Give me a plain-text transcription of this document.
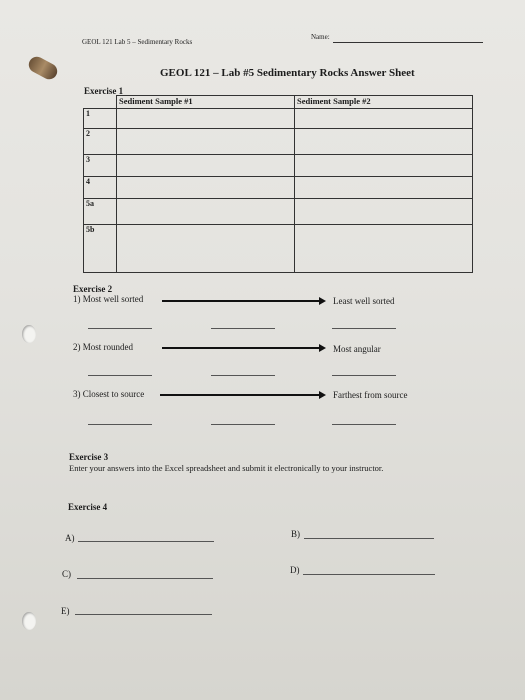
GEOL 121 Lab 5 – Sedimentary Rocks
Name:
GEOL 121 – Lab #5 Sedimentary Rocks Answer Sheet
Exercise 1
	Sediment Sample #1	Sediment Sample #2
1		
2		
3		
4		
5a		
5b		
Exercise 2
1) Most well sorted	Least well sorted
2) Most rounded	Most angular
3) Closest to source	Farthest from source
Exercise 3
Enter your answers into the Excel spreadsheet and submit it electronically to your instructor.
Exercise 4
A)	B)
C)	D)
E)
